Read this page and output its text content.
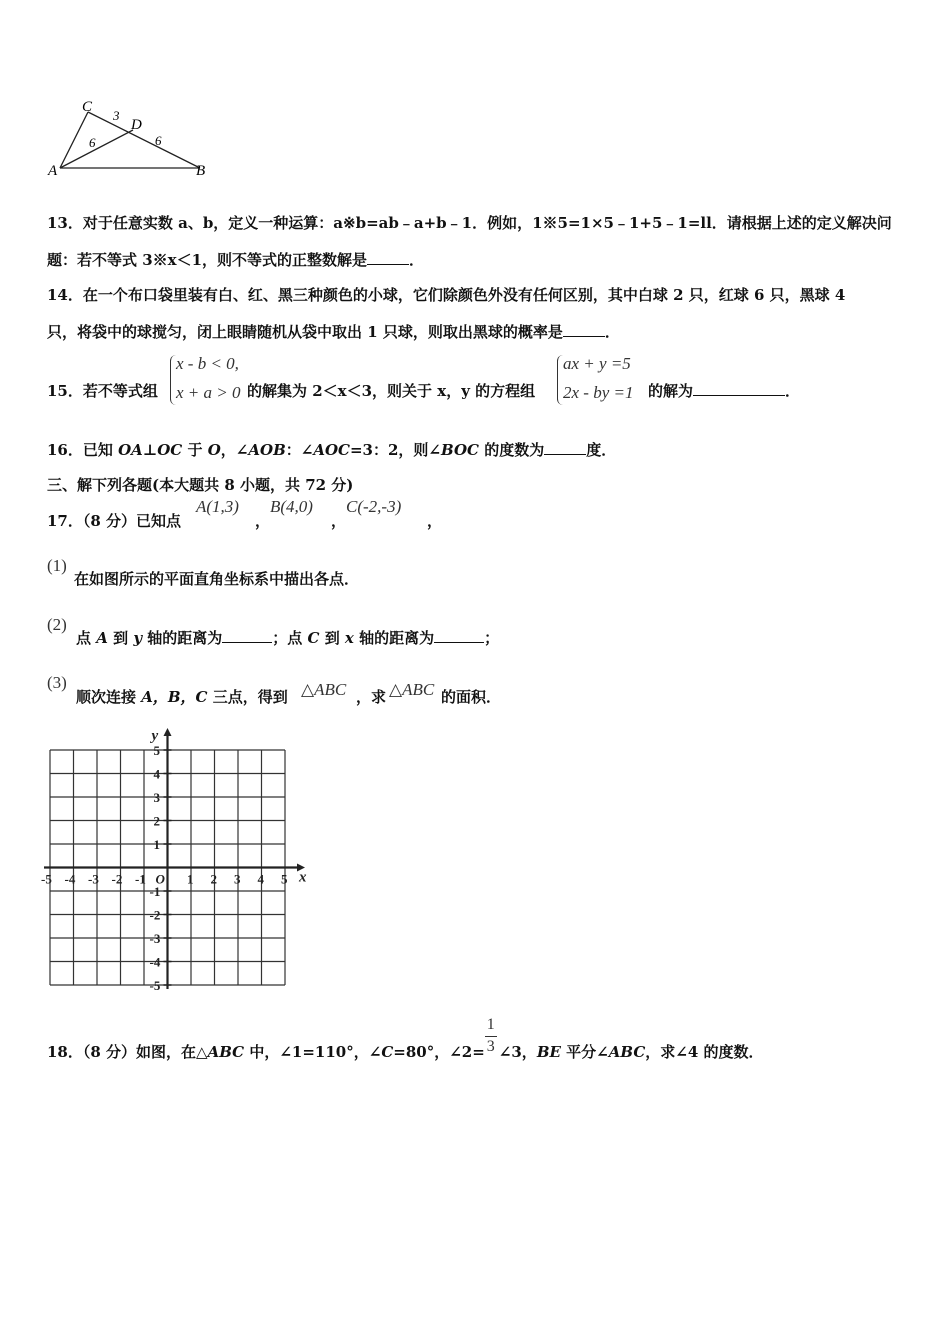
C
D
A	B
3
6	6
13．对于任意实数 a、b，定义一种运算：a※b=ab﹣a+b﹣1．例如，1※5=1×5﹣1+5﹣1=ll．请根据上述的定义解决问
题：若不等式 3※x＜1，则不等式的正整数解是	．
14．在一个布口袋里装有白、红、黑三种颜色的小球，它们除颜色外没有任何区别，其中白球 2 只，红球 6 只，黑球 4
只，将袋中的球搅匀，闭上眼睛随机从袋中取出 1 只球，则取出黑球的概率是	．
15．若不等式组
x - b < 0,
x + a > 0 的解集为 2＜x＜3，则关于 x，y 的方程组
ax + y =5
2x - by =1 的解为	．
16．已知 OA⊥OC 于 O，∠AOB：∠AOC=3：2，则∠BOC 的度数为	度．
三、解下列各题(本大题共 8 小题，共 72 分)
17．（8 分）已知点
A(1,3)
，
B(4,0)
，
C(-2,-3)
，
(1)
在如图所示的平面直角坐标系中描出各点．
(2)
点 A 到 y 轴的距离为	；点 C 到 x 轴的距离为	；
(3)
顺次连接 A，B，C 三点，得到 △ABC ，求 △ABC 的面积．
-5 -4 -3 -2 -1 O 1 2 3 4 5
5
4
3
2
1
-1
-2
-3
-4
-5
x
y
18．（8 分）如图，在△ABC 中，∠1=110°，∠C=80°，∠2= $\frac{1}{3}$ ∠3，BE 平分∠ABC，求∠4 的度数．
